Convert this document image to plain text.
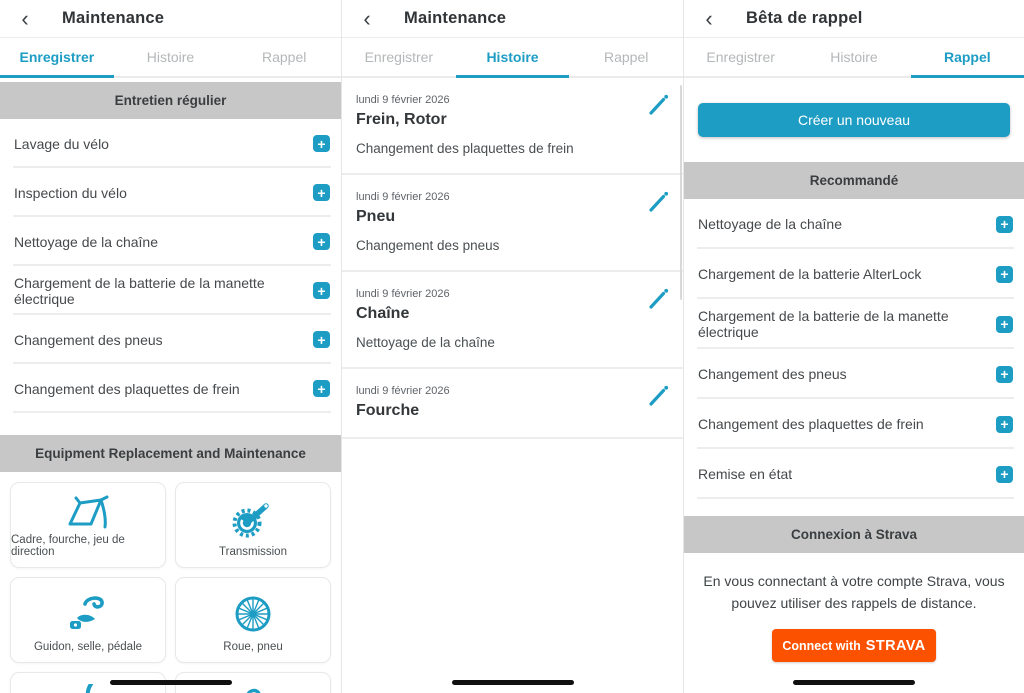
‹	Maintenance
Enregistrer	Histoire	Rappel
Entretien régulier
Lavage du vélo	+
Inspection du vélo	+
Nettoyage de la chaîne	+
Chargement de la batterie de la manette électrique	+
Changement des pneus	+
Changement des plaquettes de frein	+
Equipment Replacement and Maintenance
Cadre, fourche, jeu de direction	Transmission
Guidon, selle, pédale	Roue, pneu
‹	Maintenance
Enregistrer	Histoire	Rappel
lundi 9 février 2026
Frein, Rotor
Changement des plaquettes de frein
lundi 9 février 2026
Pneu
Changement des pneus
lundi 9 février 2026
Chaîne
Nettoyage de la chaîne
lundi 9 février 2026
Fourche
‹	Bêta de rappel
Enregistrer	Histoire	Rappel
Créer un nouveau
Recommandé
Nettoyage de la chaîne	+
Chargement de la batterie AlterLock	+
Chargement de la batterie de la manette électrique	+
Changement des pneus	+
Changement des plaquettes de frein	+
Remise en état	+
Connexion à Strava
En vous connectant à votre compte Strava, vous pouvez utiliser des rappels de distance.
Connect with STRAVA
